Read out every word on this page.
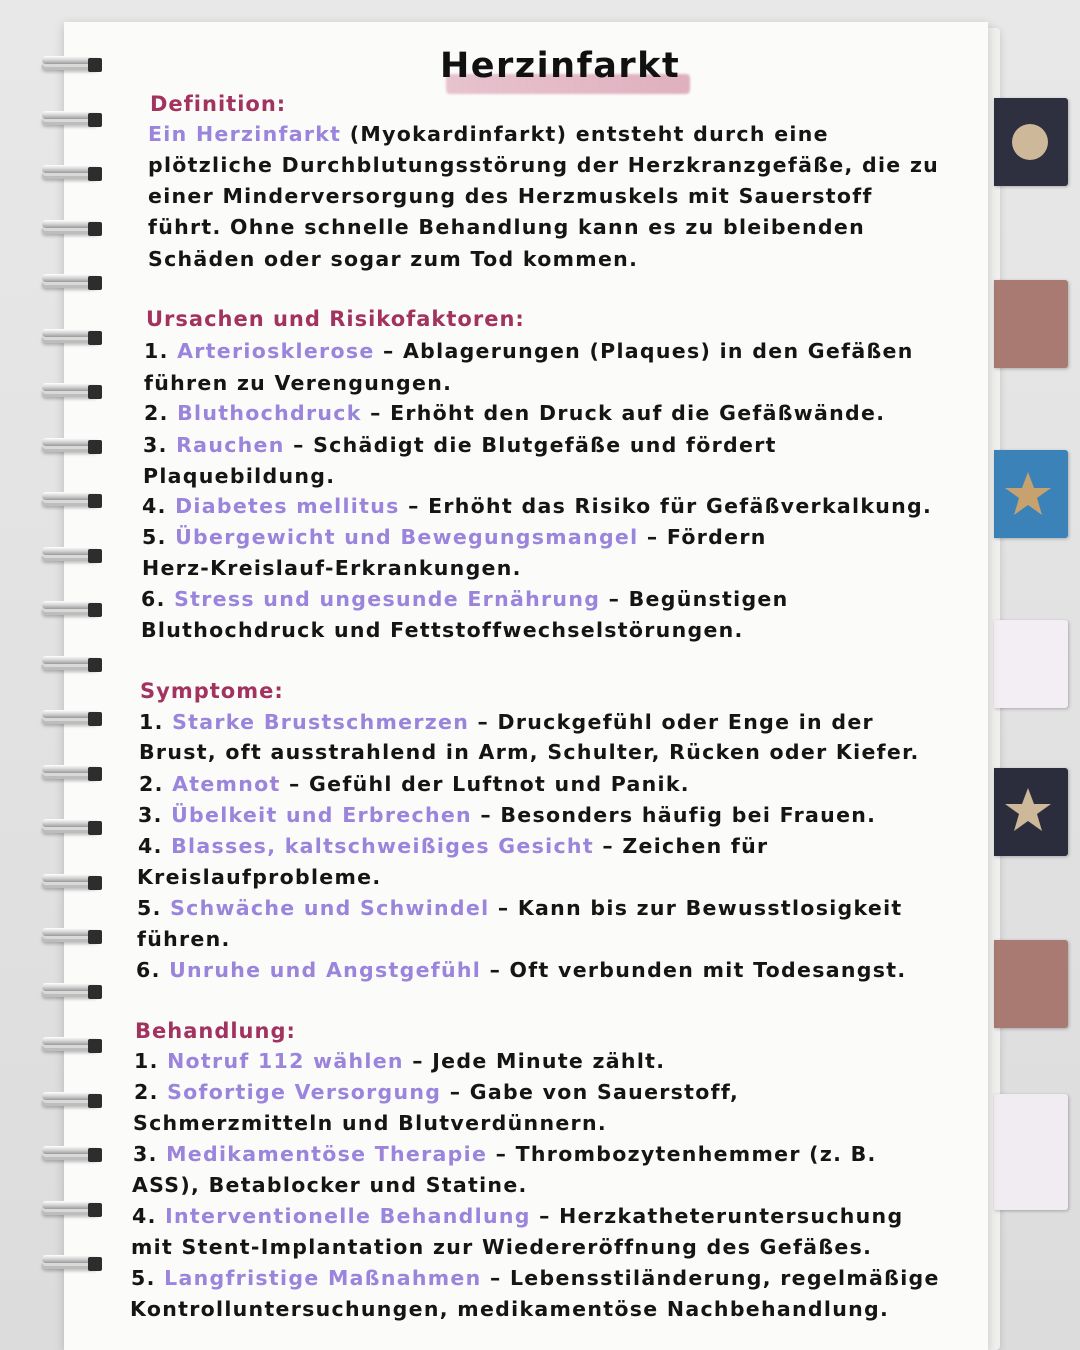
Herzinfarkt
Definition:
Ein Herzinfarkt (Myokardinfarkt) entsteht durch eine
plötzliche Durchblutungsstörung der Herzkranzgefäße, die zu
einer Minderversorgung des Herzmuskels mit Sauerstoff
führt. Ohne schnelle Behandlung kann es zu bleibenden
Schäden oder sogar zum Tod kommen.
Ursachen und Risikofaktoren:
1. Arteriosklerose – Ablagerungen (Plaques) in den Gefäßen
führen zu Verengungen.
2. Bluthochdruck – Erhöht den Druck auf die Gefäßwände.
3. Rauchen – Schädigt die Blutgefäße und fördert
Plaquebildung.
4. Diabetes mellitus – Erhöht das Risiko für Gefäßverkalkung.
5. Übergewicht und Bewegungsmangel – Fördern
Herz-Kreislauf-Erkrankungen.
6. Stress und ungesunde Ernährung – Begünstigen
Bluthochdruck und Fettstoffwechselstörungen.
Symptome:
1. Starke Brustschmerzen – Druckgefühl oder Enge in der
Brust, oft ausstrahlend in Arm, Schulter, Rücken oder Kiefer.
2. Atemnot – Gefühl der Luftnot und Panik.
3. Übelkeit und Erbrechen – Besonders häufig bei Frauen.
4. Blasses, kaltschweißiges Gesicht – Zeichen für
Kreislaufprobleme.
5. Schwäche und Schwindel – Kann bis zur Bewusstlosigkeit
führen.
6. Unruhe und Angstgefühl – Oft verbunden mit Todesangst.
Behandlung:
1. Notruf 112 wählen – Jede Minute zählt.
2. Sofortige Versorgung – Gabe von Sauerstoff,
Schmerzmitteln und Blutverdünnern.
3. Medikamentöse Therapie – Thrombozytenhemmer (z. B.
ASS), Betablocker und Statine.
4. Interventionelle Behandlung – Herzkatheteruntersuchung
mit Stent-Implantation zur Wiedereröffnung des Gefäßes.
5. Langfristige Maßnahmen – Lebensstiländerung, regelmäßige
Kontrolluntersuchungen, medikamentöse Nachbehandlung.
